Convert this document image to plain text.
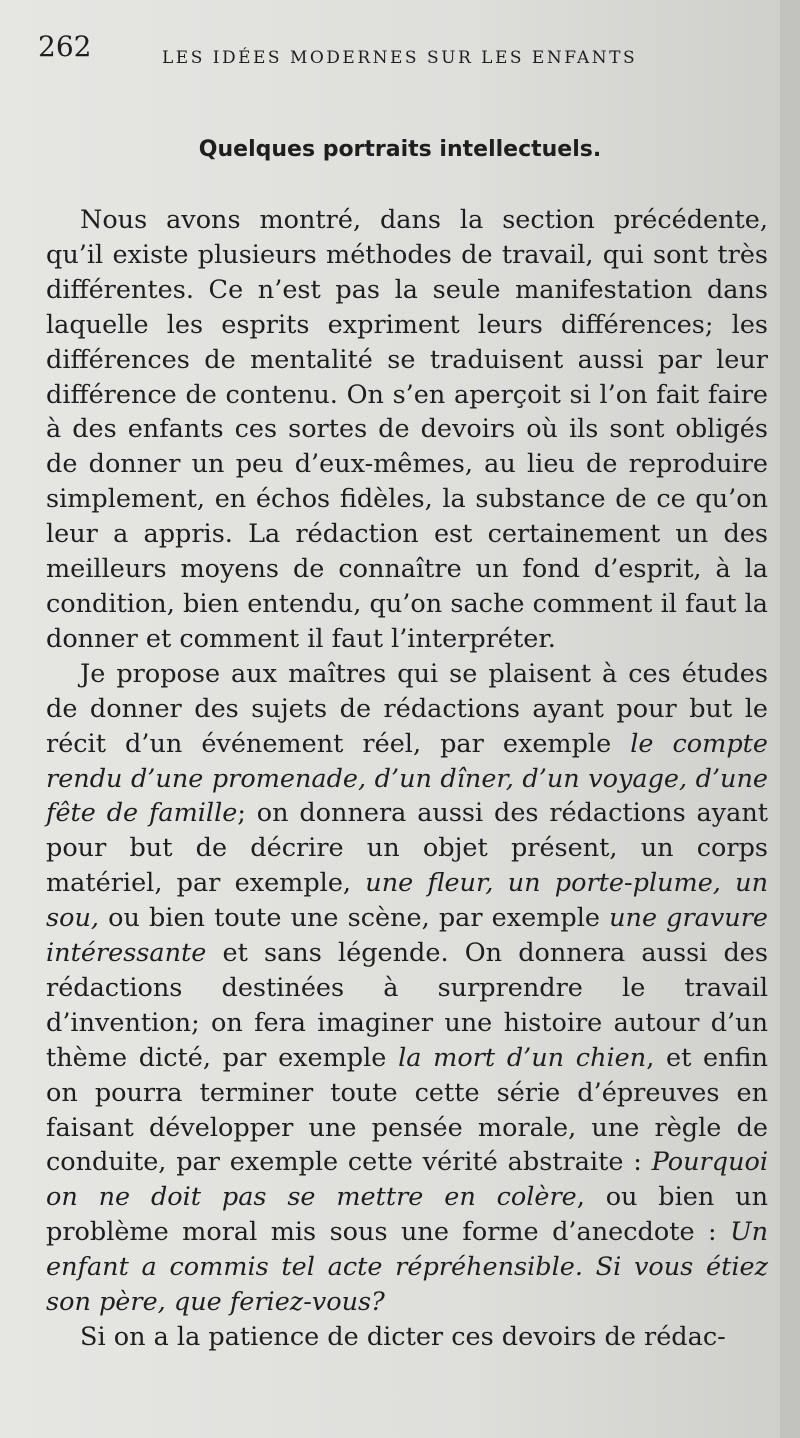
262	LES IDÉES MODERNES SUR LES ENFANTS
Quelques portraits intellectuels.

Nous avons montré, dans la section précédente, qu’il existe plusieurs méthodes de travail, qui sont très différentes. Ce n’est pas la seule manifestation dans laquelle les esprits expriment leurs différences; les différences de mentalité se traduisent aussi par leur différence de contenu. On s’en aperçoit si l’on fait faire à des enfants ces sortes de devoirs où ils sont obligés de donner un peu d’eux-mêmes, au lieu de reproduire simplement, en échos fidèles, la substance de ce qu’on leur a appris. La rédaction est certainement un des meilleurs moyens de connaître un fond d’esprit, à la condition, bien entendu, qu’on sache comment il faut la donner et comment il faut l’interpréter.

Je propose aux maîtres qui se plaisent à ces études de donner des sujets de rédactions ayant pour but le récit d’un événement réel, par exemple le compte rendu d’une promenade, d’un dîner, d’un voyage, d’une fête de famille; on donnera aussi des rédactions ayant pour but de décrire un objet présent, un corps matériel, par exemple, une fleur, un porte-plume, un sou, ou bien toute une scène, par exemple une gravure intéressante et sans légende. On donnera aussi des rédactions destinées à surprendre le travail d’invention; on fera imaginer une histoire autour d’un thème dicté, par exemple la mort d’un chien, et enfin on pourra terminer toute cette série d’épreuves en faisant développer une pensée morale, une règle de conduite, par exemple cette vérité abstraite : Pourquoi on ne doit pas se mettre en colère, ou bien un problème moral mis sous une forme d’anecdote : Un enfant a commis tel acte répréhensible. Si vous étiez son père, que feriez-vous?

Si on a la patience de dicter ces devoirs de rédac-
